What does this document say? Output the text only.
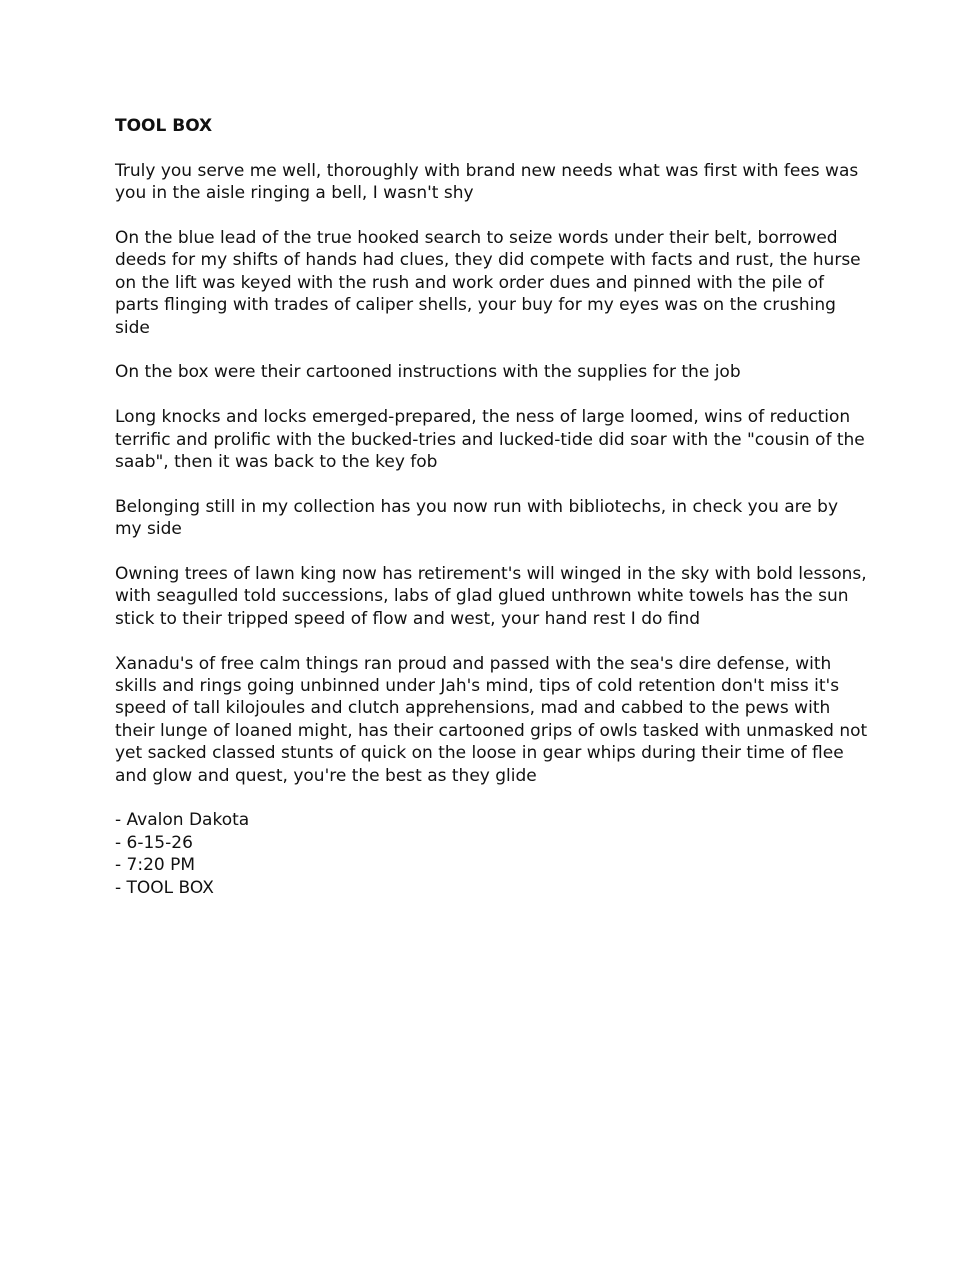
TOOL BOX

Truly you serve me well, thoroughly with brand new needs what was first with fees was you in the aisle ringing a bell, I wasn't shy

On the blue lead of the true hooked search to seize words under their belt, borrowed deeds for my shifts of hands had clues, they did compete with facts and rust, the hurse on the lift was keyed with the rush and work order dues and pinned with the pile of parts flinging with trades of caliper shells, your buy for my eyes was on the crushing side

On the box were their cartooned instructions with the supplies for the job

Long knocks and locks emerged-prepared, the ness of large loomed, wins of reduction terrific and prolific with the bucked-tries and lucked-tide did soar with the "cousin of the saab", then it was back to the key fob

Belonging still in my collection has you now run with bibliotechs, in check you are by my side

Owning trees of lawn king now has retirement's will winged in the sky with bold lessons, with seagulled told successions, labs of glad glued unthrown white towels has the sun stick to their tripped speed of flow and west, your hand rest I do find

Xanadu's of free calm things ran proud and passed with the sea's dire defense, with skills and rings going unbinned under Jah's mind, tips of cold retention don't miss it's speed of tall kilojoules and clutch apprehensions, mad and cabbed to the pews with their lunge of loaned might, has their cartooned grips of owls tasked with unmasked not yet sacked classed stunts of quick on the loose in gear whips during their time of flee and glow and quest, you're the best as they glide

- Avalon Dakota

- 6-15-26

- 7:20 PM

- TOOL BOX
